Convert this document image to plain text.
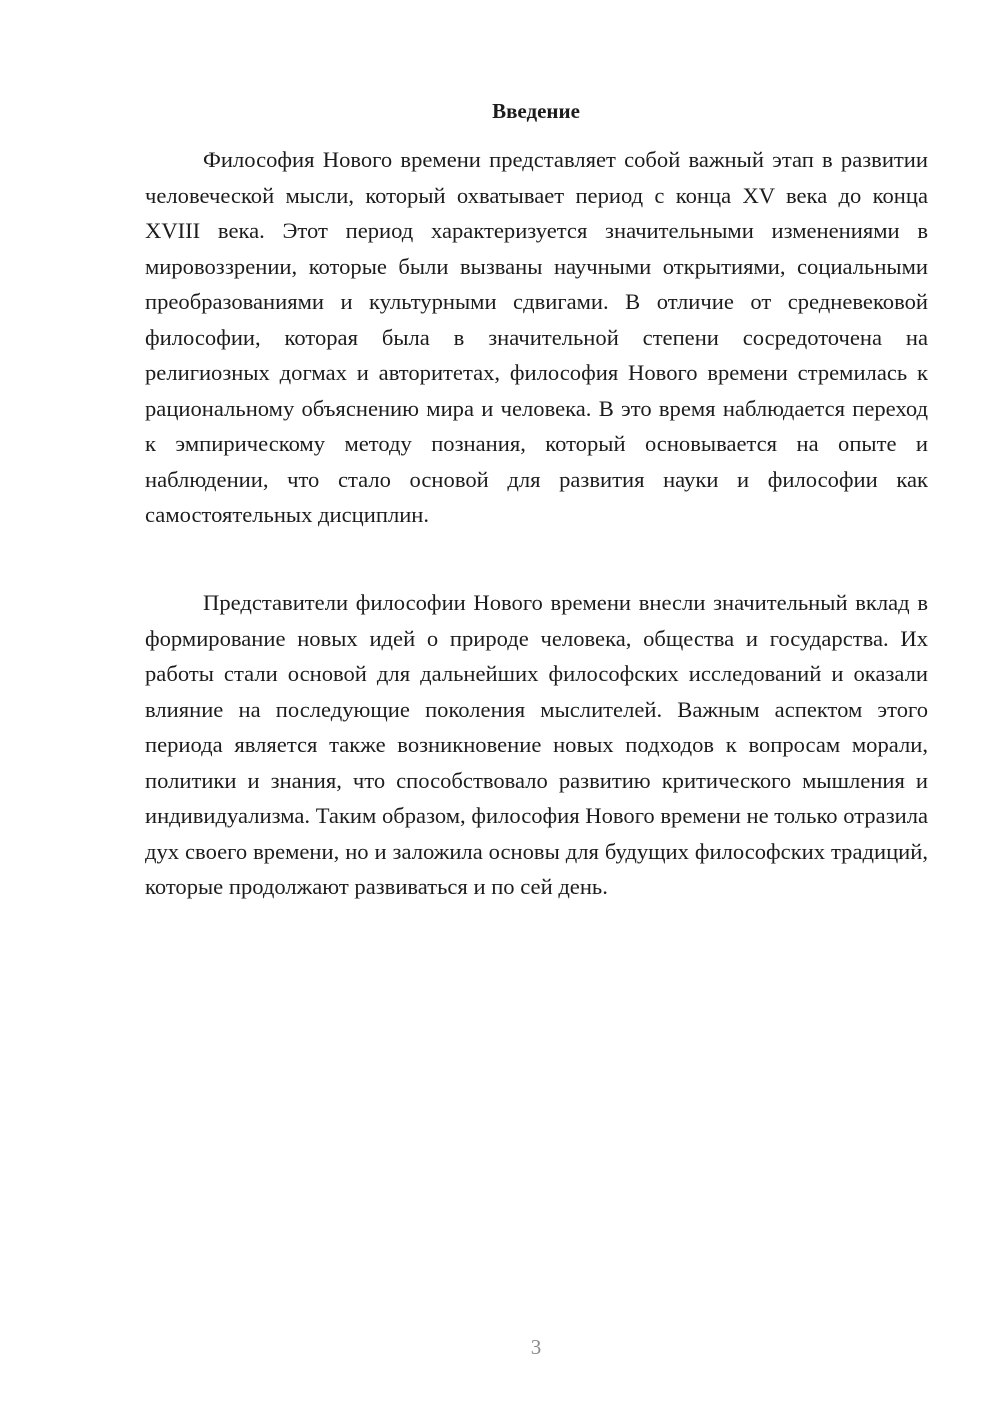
Введение

Философия Нового времени представляет собой важный этап в развитии человеческой мысли, который охватывает период с конца XV века до конца XVIII века. Этот период характеризуется значительными изменениями в мировоззрении, которые были вызваны научными открытиями, социальными преобразованиями и культурными сдвигами. В отличие от средневековой философии, которая была в значительной степени сосредоточена на религиозных догмах и авторитетах, философия Нового времени стремилась к рациональному объяснению мира и человека. В это время наблюдается переход к эмпирическому методу познания, который основывается на опыте и наблюдении, что стало основой для развития науки и философии как самостоятельных дисциплин.

Представители философии Нового времени внесли значительный вклад в формирование новых идей о природе человека, общества и государства. Их работы стали основой для дальнейших философских исследований и оказали влияние на последующие поколения мыслителей. Важным аспектом этого периода является также возникновение новых подходов к вопросам морали, политики и знания, что способствовало развитию критического мышления и индивидуализма. Таким образом, философия Нового времени не только отразила дух своего времени, но и заложила основы для будущих философских традиций, которые продолжают развиваться и по сей день.

3
